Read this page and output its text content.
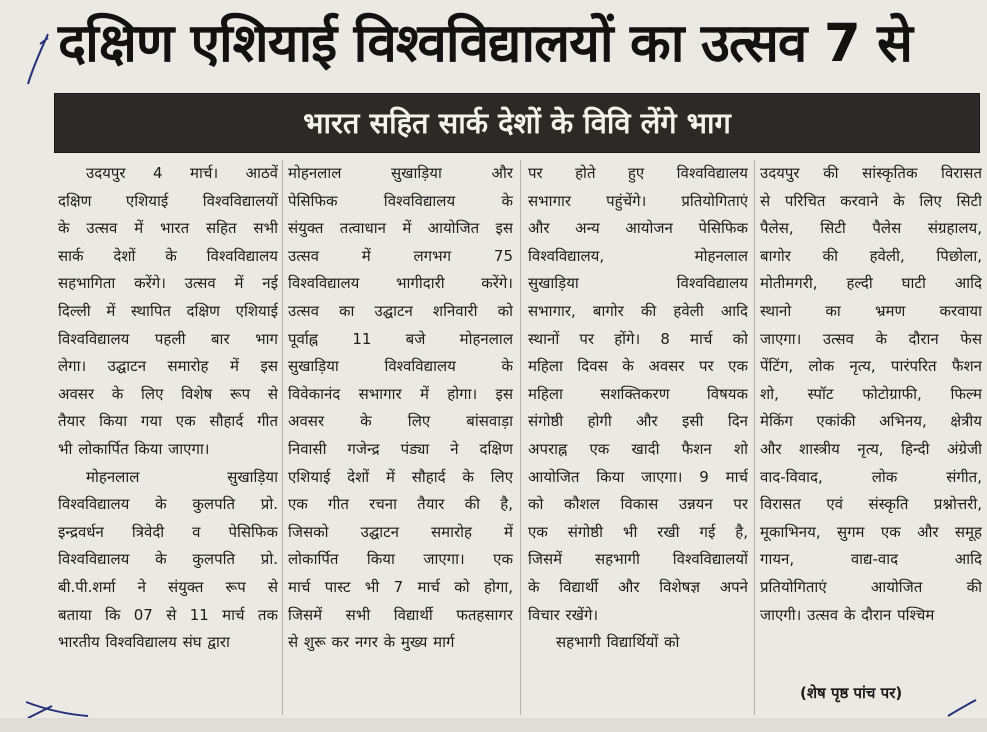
दक्षिण एशियाई विश्वविद्यालयों का उत्सव 7 से
भारत सहित सार्क देशों के विवि लेंगे भाग
उदयपुर 4 मार्च। आठवें
दक्षिण एशियाई विश्वविद्यालयों
के उत्सव में भारत सहित सभी
सार्क देशों के विश्वविद्यालय
सहभागिता करेंगे। उत्सव में नई
दिल्ली में स्थापित दक्षिण एशियाई
विश्वविद्यालय पहली बार भाग
लेगा। उद्घाटन समारोह में इस
अवसर के लिए विशेष रूप से
तैयार किया गया एक सौहार्द गीत
भी लोकार्पित किया जाएगा।
मोहनलाल सुखाड़िया
विश्वविद्यालय के कुलपति प्रो.
इन्द्रवर्धन त्रिवेदी व पेसिफिक
विश्वविद्यालय के कुलपति प्रो.
बी.पी.शर्मा ने संयुक्त रूप से
बताया कि 07 से 11 मार्च तक
भारतीय विश्वविद्यालय संघ द्वारा
मोहनलाल सुखाड़िया और
पेसिफिक विश्वविद्यालय के
संयुक्त तत्वाधान में आयोजित इस
उत्सव में लगभग 75
विश्वविद्यालय भागीदारी करेंगे।
उत्सव का उद्घाटन शनिवारी को
पूर्वाह्न 11 बजे मोहनलाल
सुखाड़िया विश्वविद्यालय के
विवेकानंद सभागार में होगा। इस
अवसर के लिए बांसवाड़ा
निवासी गजेन्द्र पंड्या ने दक्षिण
एशियाई देशों में सौहार्द के लिए
एक गीत रचना तैयार की है,
जिसको उद्घाटन समारोह में
लोकार्पित किया जाएगा। एक
मार्च पास्ट भी 7 मार्च को होगा,
जिसमें सभी विद्यार्थी फतहसागर
से शुरू कर नगर के मुख्य मार्ग
पर होते हुए विश्वविद्यालय
सभागार पहुंचेंगे। प्रतियोगिताएं
और अन्य आयोजन पेसिफिक
विश्वविद्यालय, मोहनलाल
सुखाड़िया विश्वविद्यालय
सभागार, बागोर की हवेली आदि
स्थानों पर होंगे। 8 मार्च को
महिला दिवस के अवसर पर एक
महिला सशक्तिकरण विषयक
संगोष्ठी होगी और इसी दिन
अपराह्न एक खादी फैशन शो
आयोजित किया जाएगा। 9 मार्च
को कौशल विकास उन्नयन पर
एक संगोष्ठी भी रखी गई है,
जिसमें सहभागी विश्वविद्यालयों
के विद्यार्थी और विशेषज्ञ अपने
विचार रखेंगे।
सहभागी विद्यार्थियों को
उदयपुर की सांस्कृतिक विरासत
से परिचित करवाने के लिए सिटी
पैलेस, सिटी पैलेस संग्रहालय,
बागोर की हवेली, पिछोला,
मोतीमगरी, हल्दी घाटी आदि
स्थानो का भ्रमण करवाया
जाएगा। उत्सव के दौरान फेस
पेंटिंग, लोक नृत्य, पारंपरित फैशन
शो, स्पॉट फोटोग्राफी, फिल्म
मेकिंग एकांकी अभिनय, क्षेत्रीय
और शास्त्रीय नृत्य, हिन्दी अंग्रेजी
वाद-विवाद, लोक संगीत,
विरासत एवं संस्कृति प्रश्नोत्तरी,
मूकाभिनय, सुगम एक और समूह
गायन, वाद्य-वाद आदि
प्रतियोगिताएं आयोजित की
जाएगी। उत्सव के दौरान पश्चिम
(शेष पृष्ठ पांच पर)
